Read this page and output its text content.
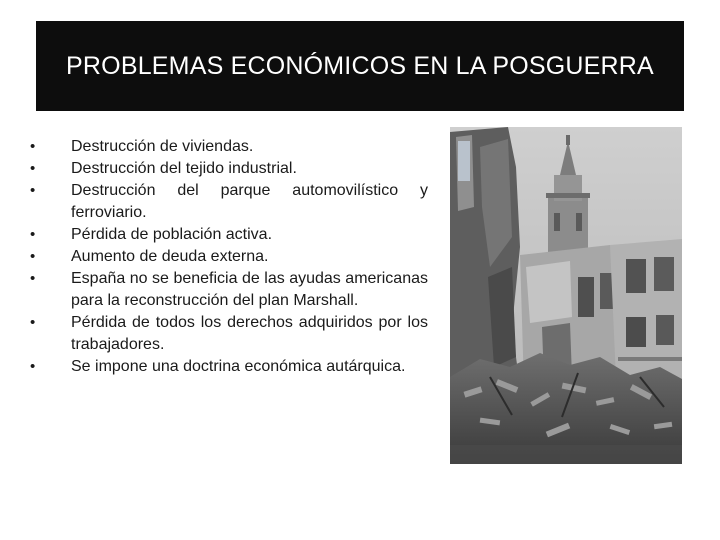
PROBLEMAS ECONÓMICOS EN LA POSGUERRA
•	Destrucción de viviendas.
•	Destrucción del tejido industrial.
•	Destrucción del parque automovilístico y ferroviario.
•	Pérdida de población activa.
•	Aumento de deuda externa.
•	España no se beneficia de las ayudas americanas para la reconstrucción del plan Marshall.
•	Pérdida de todos los derechos adquiridos por los trabajadores.
•	Se impone una doctrina económica autárquica.
